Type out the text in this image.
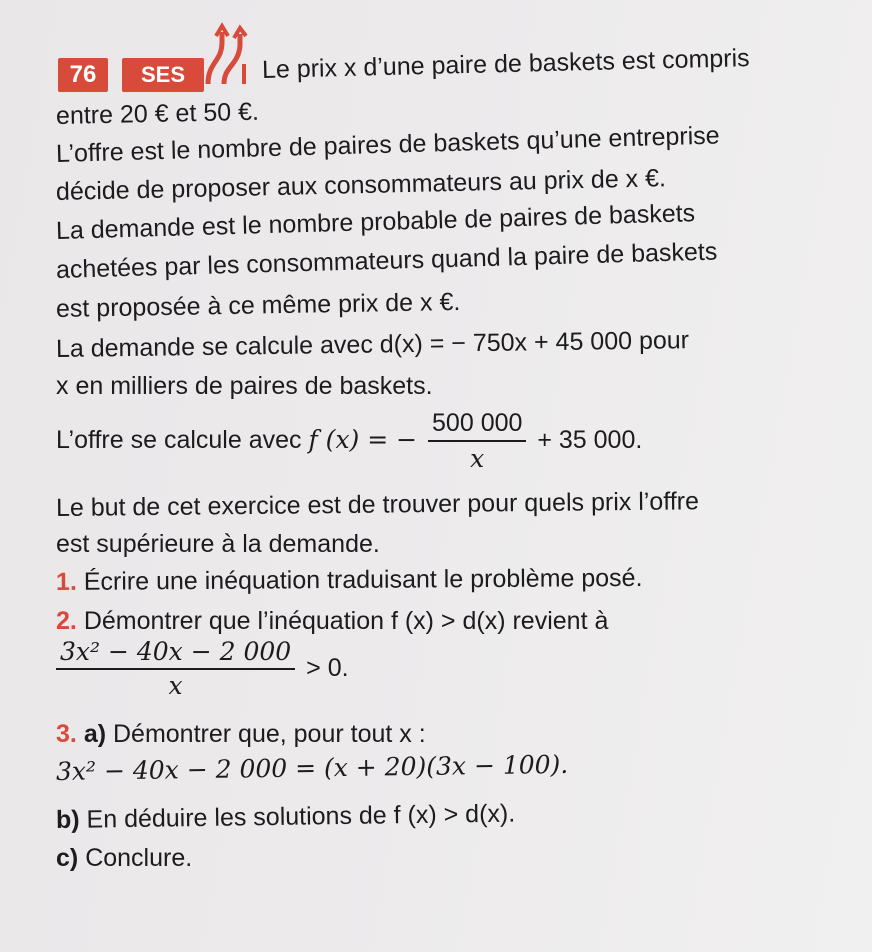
76	SES	Le prix x d’une paire de baskets est compris
entre 20 € et 50 €.
L’offre est le nombre de paires de baskets qu’une entreprise
décide de proposer aux consommateurs au prix de x €.
La demande est le nombre probable de paires de baskets
achetées par les consommateurs quand la paire de baskets
est proposée à ce même prix de x €.
La demande se calcule avec d(x) = − 750x + 45 000 pour
x en milliers de paires de baskets.
L’offre se calcule avec f (x) = − $\frac{500 000}{x} + 35$ 000.
Le but de cet exercice est de trouver pour quels prix l’offre
est supérieure à la demande.
1. Écrire une inéquation traduisant le problème posé.
2. Démontrer que l’inéquation f (x) > d(x) revient à
$\frac{\text{3x² − 40x − 2 000}}{x} > 0$.
3. a) Démontrer que, pour tout x :
3x² − 40x − 2 000 = (x + 20)(3x − 100).
b) En déduire les solutions de f (x) > d(x).
c) Conclure.
